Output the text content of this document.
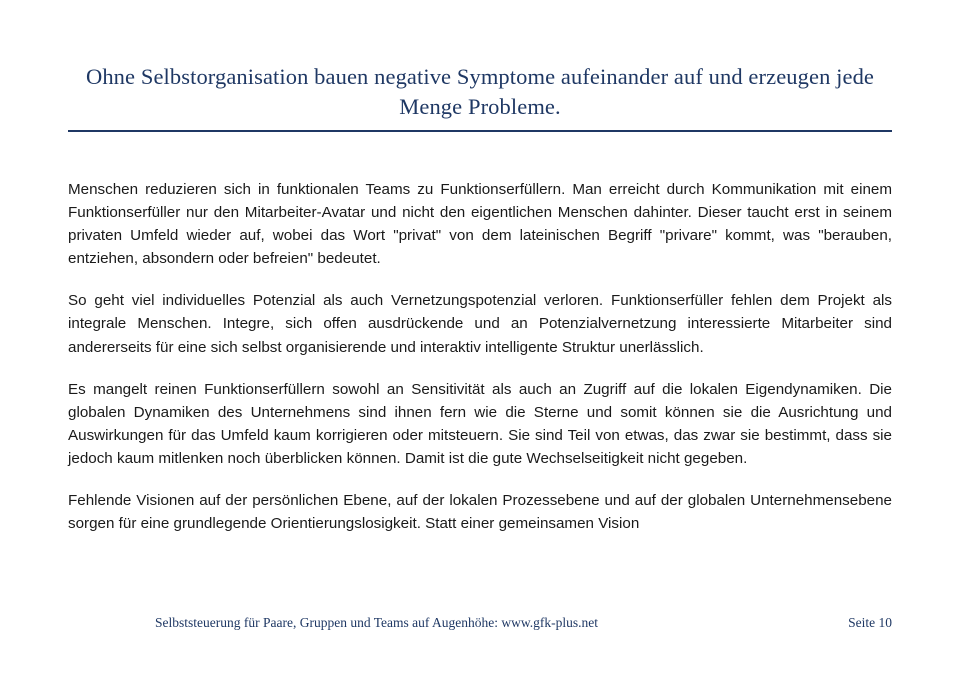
Ohne Selbstorganisation bauen negative Symptome aufeinander auf und erzeugen jede Menge Probleme.

Menschen reduzieren sich in funktionalen Teams zu Funktionserfüllern. Man erreicht durch Kommunikation mit einem Funktionserfüller nur den Mitarbeiter-Avatar und nicht den eigentlichen Menschen dahinter. Dieser taucht erst in seinem privaten Umfeld wieder auf, wobei das Wort "privat" von dem lateinischen Begriff "privare" kommt, was "berauben, entziehen, absondern oder befreien" bedeutet.

So geht viel individuelles Potenzial als auch Vernetzungspotenzial verloren. Funktionserfüller fehlen dem Projekt als integrale Menschen. Integre, sich offen ausdrückende und an Potenzialvernetzung interessierte Mitarbeiter sind andererseits für eine sich selbst organisierende und interaktiv intelligente Struktur unerlässlich.

Es mangelt reinen Funktionserfüllern sowohl an Sensitivität als auch an Zugriff auf die lokalen Eigendynamiken. Die globalen Dynamiken des Unternehmens sind ihnen fern wie die Sterne und somit können sie die Ausrichtung und Auswirkungen für das Umfeld kaum korrigieren oder mitsteuern. Sie sind Teil von etwas, das zwar sie bestimmt, dass sie jedoch kaum mitlenken noch überblicken können. Damit ist die gute Wechselseitigkeit nicht gegeben.

Fehlende Visionen auf der persönlichen Ebene, auf der lokalen Prozessebene und auf der globalen Unternehmensebene sorgen für eine grundlegende Orientierungslosigkeit. Statt einer gemeinsamen Vision

Selbststeuerung für Paare, Gruppen und Teams auf Augenhöhe: www.gfk-plus.net	Seite 10
